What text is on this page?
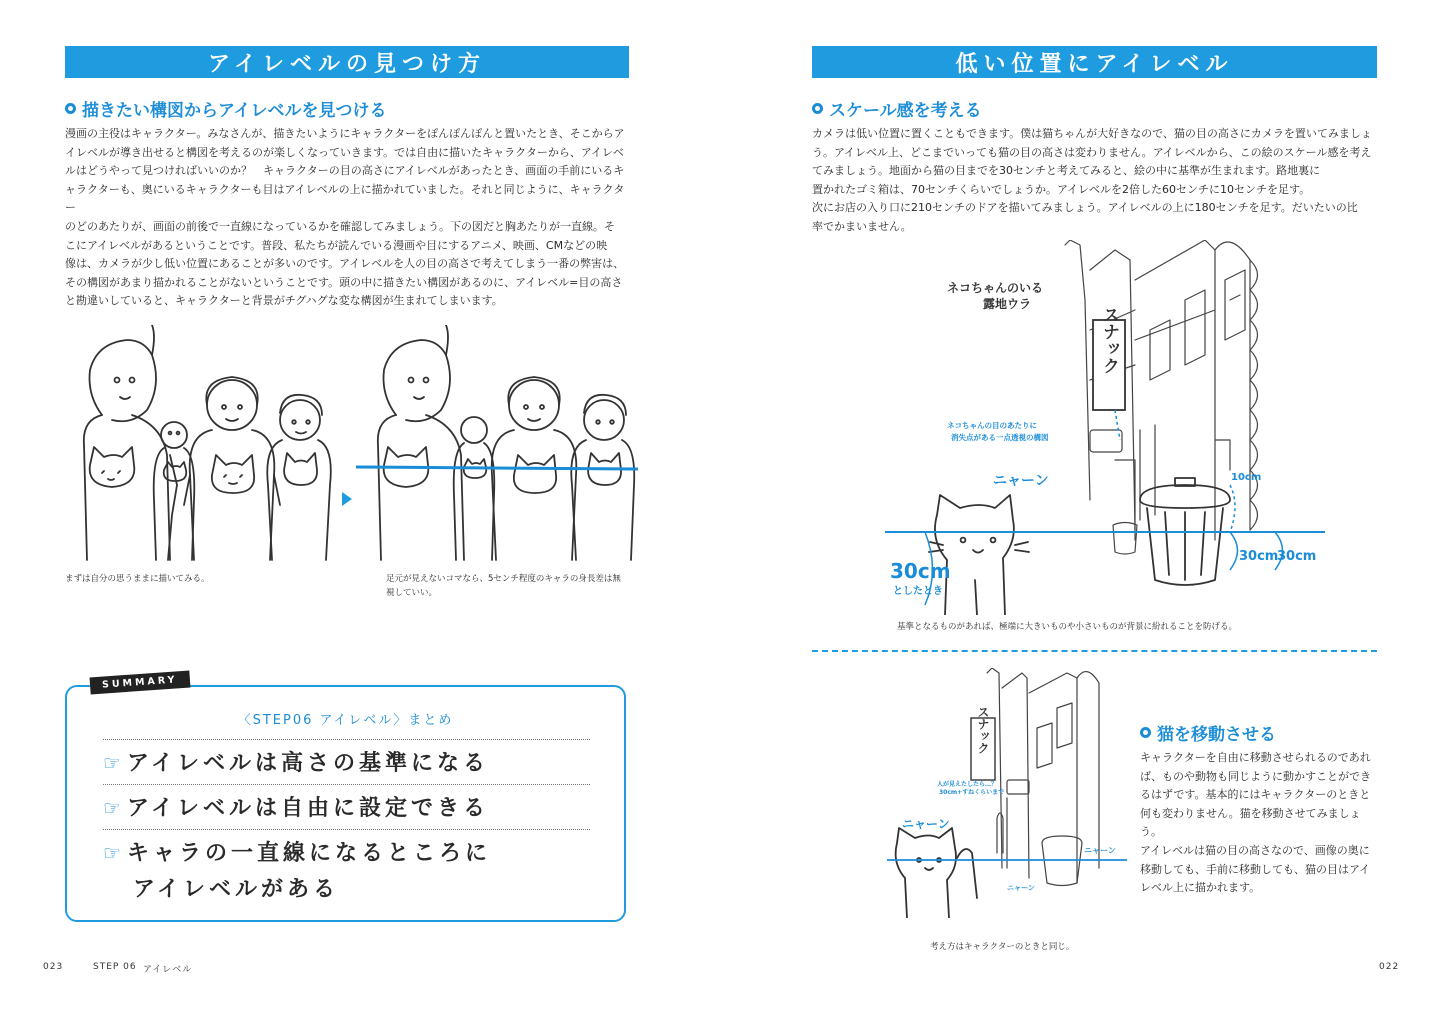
アイレベルの見つけ方
描きたい構図からアイレベルを見つける

漫画の主役はキャラクター。みなさんが、描きたいようにキャラクターをぽんぽんぽんと置いたとき、そこからア

イレベルが導き出せると構図を考えるのが楽しくなっていきます。では自由に描いたキャラクターから、アイレベ

ルはどうやって見つければいいのか？　キャラクターの目の高さにアイレベルがあったとき、画面の手前にいるキ

ャラクターも、奥にいるキャラクターも目はアイレベルの上に描かれていました。それと同じように、キャラクター

のどのあたりが、画面の前後で一直線になっているかを確認してみましょう。下の図だと胸あたりが一直線。そ

こにアイレベルがあるということです。普段、私たちが読んでいる漫画や目にするアニメ、映画、CMなどの映

像は、カメラが少し低い位置にあることが多いのです。アイレベルを人の目の高さで考えてしまう一番の弊害は、

その構図があまり描かれることがないということです。頭の中に描きたい構図があるのに、アイレベル=目の高さ

と勘違いしていると、キャラクターと背景がチグハグな変な構図が生まれてしまいます。

まずは自分の思うままに描いてみる。	足元が見えないコマなら、5センチ程度のキャラの身長差は無
視していい。
SUMMARY
〈STEP06 アイレベル〉まとめ
☞ アイレベルは高さの基準になる
☞ アイレベルは自由に設定できる
☞ キャラの一直線になるところに
アイレベルがある
023	STEP 06 アイレベル
低い位置にアイレベル
スケール感を考える

カメラは低い位置に置くこともできます。僕は猫ちゃんが大好きなので、猫の目の高さにカメラを置いてみましょ

う。アイレベル上、どこまでいっても猫の目の高さは変わりません。アイレベルから、この絵のスケール感を考え

てみましょう。地面から猫の目までを30センチと考えてみると、絵の中に基準が生まれます。路地裏に

置かれたゴミ箱は、70センチくらいでしょうか。アイレベルを2倍した60センチに10センチを足す。

次にお店の入り口に210センチのドアを描いてみましょう。アイレベルの上に180センチを足す。だいたいの比

率でかまいません。

スナック
ネコちゃんのいる
露地ウラ
ネコちゃんの目のあたりに
消失点がある一点透視の構図
ニャーン	10cm
30cm
30cm
30cm
としたとき
基準となるものがあれば、極端に大きいものや小さいものが背景に紛れることを防げる。
スナック
人が見えたしたら…？
30cm+すねくらいまで
ニャーン
ニャーン
ニャーン
考え方はキャラクターのときと同じ。
猫を移動させる

キャラクターを自由に移動させられるのであれ

ば、ものや動物も同じように動かすことができ

るはずです。基本的にはキャラクターのときと

何も変わりません。猫を移動させてみましょう。

アイレベルは猫の目の高さなので、画像の奥に

移動しても、手前に移動しても、猫の目はアイ

レベル上に描かれます。

022
